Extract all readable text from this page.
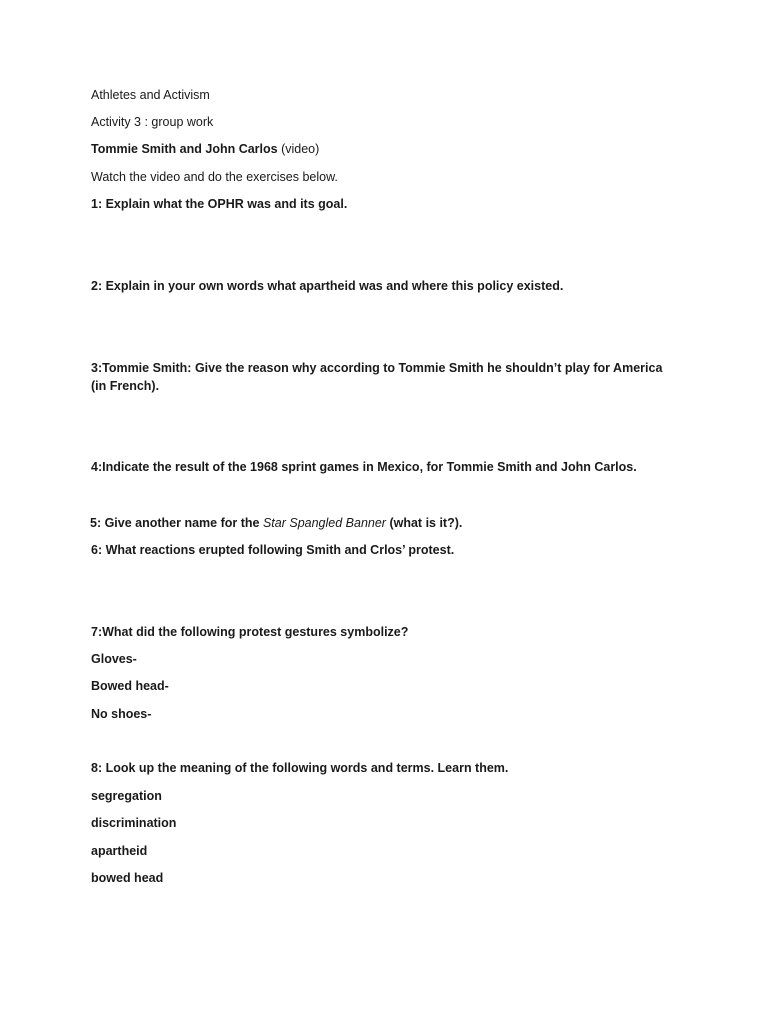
Athletes and Activism
Activity 3 : group work
Tommie Smith and John Carlos (video)
Watch the video and do the exercises below.
1: Explain what the OPHR was and its goal.
2: Explain in your own words what apartheid was and where this policy existed.
3:Tommie Smith: Give the reason why according to Tommie Smith he shouldn’t play for America (in French).
4:Indicate the result of the 1968 sprint games in Mexico, for Tommie Smith and John Carlos.
5: Give another name for the Star Spangled Banner (what is it?).
6: What reactions erupted following Smith and Crlos’ protest.
7:What did the following protest gestures symbolize?
Gloves-
Bowed head-
No shoes-
8: Look up the meaning of the following words and terms. Learn them.
segregation
discrimination
apartheid
bowed head
